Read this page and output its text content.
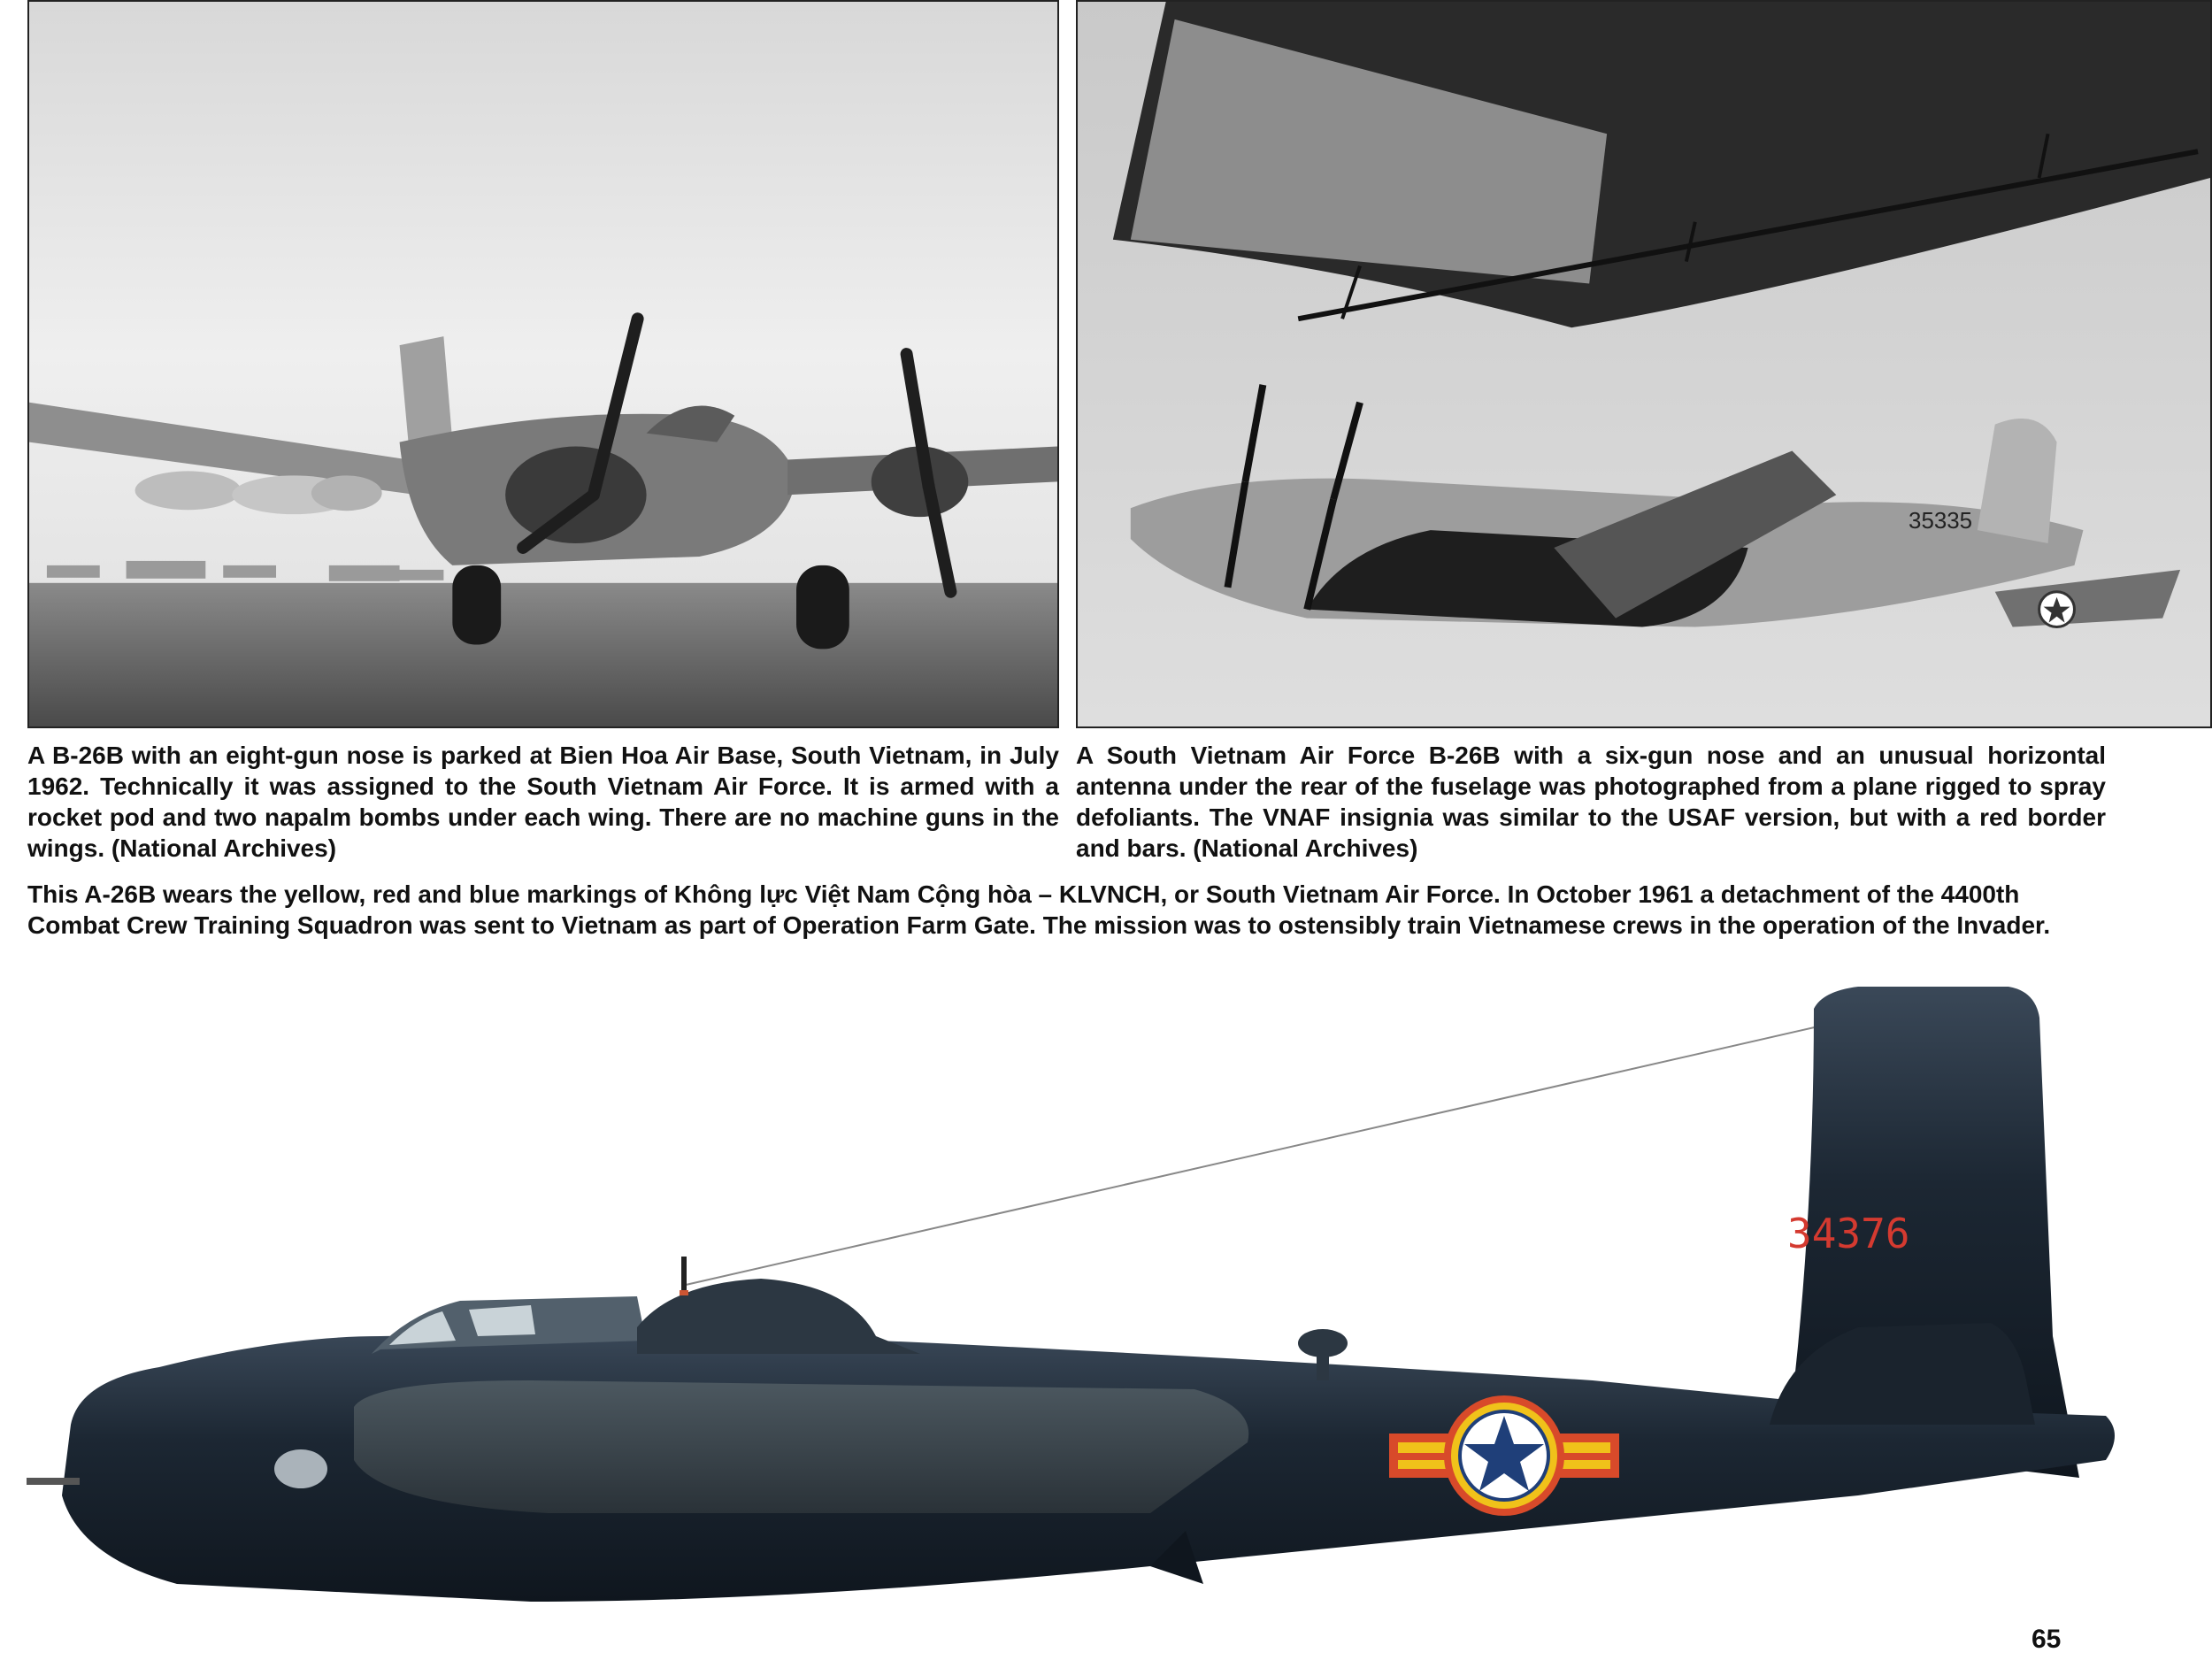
35335

A B-26B with an eight-gun nose is parked at Bien Hoa Air Base, South Vietnam, in July 1962. Technically it was assigned to the South Vietnam Air Force. It is armed with a rocket pod and two napalm bombs under each wing. There are no machine guns in the wings. (National Archives)

A South Vietnam Air Force B-26B with a six-gun nose and an unusual horizontal antenna under the rear of the fuselage was photographed from a plane rigged to spray defoliants. The VNAF insignia was similar to the USAF version, but with a red border and bars. (National Archives)

This A-26B wears the yellow, red and blue markings of Không lực Việt Nam Cộng hòa – KLVNCH, or South Vietnam Air Force. In October 1961 a detachment of the 4400th Combat Crew Training Squadron was sent to Vietnam as part of Operation Farm Gate. The mission was to ostensibly train Vietnamese crews in the operation of the Invader.

34376
65
